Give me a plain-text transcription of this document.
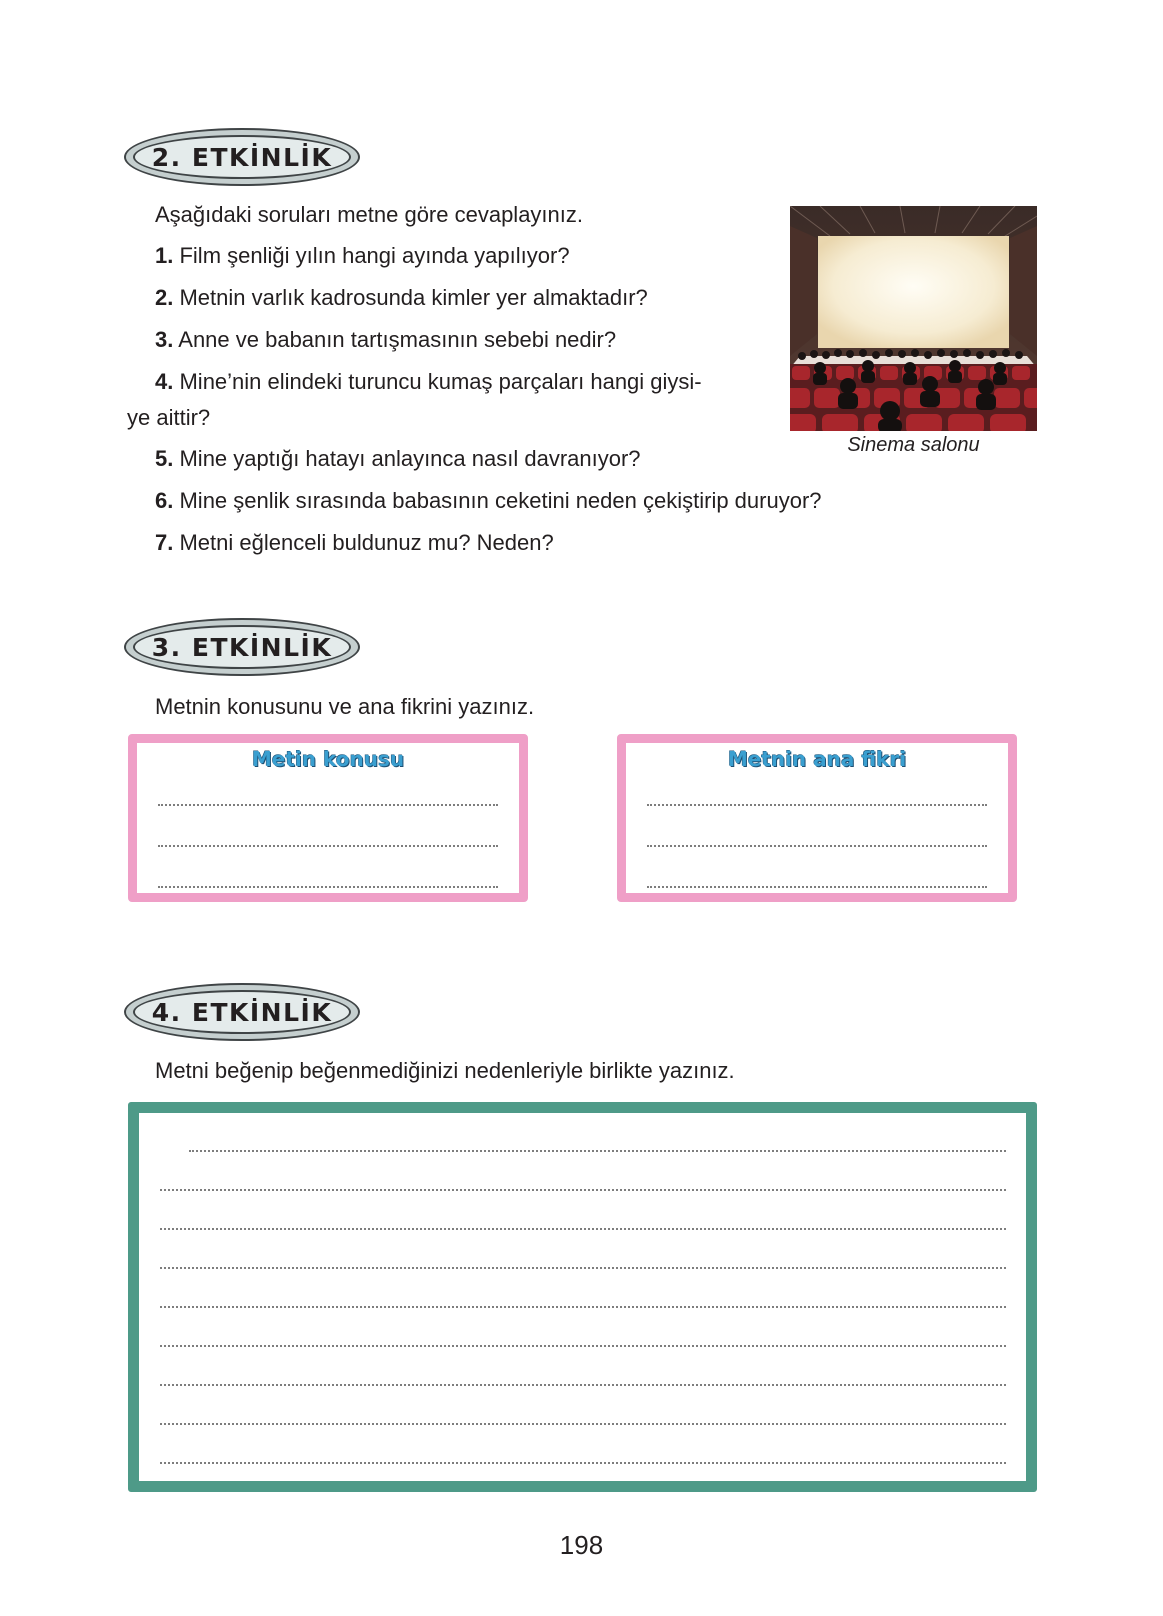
2. ETKİNLİK
Aşağıdaki soruları metne göre cevaplayınız.
1. Film şenliği yılın hangi ayında yapılıyor?
2. Metnin varlık kadrosunda kimler yer almaktadır?
3. Anne ve babanın tartışmasının sebebi nedir?
4. Mine’nin elindeki turuncu kumaş parçaları hangi giysi-
ye aittir?
5. Mine yaptığı hatayı anlayınca nasıl davranıyor?
6. Mine şenlik sırasında babasının ceketini neden çekiştirip duruyor?
7. Metni eğlenceli buldunuz mu? Neden?
Sinema salonu
3. ETKİNLİK
Metnin konusunu ve ana fikrini yazınız.
Metin konusu	Metnin ana fikri
4. ETKİNLİK
Metni beğenip beğenmediğinizi nedenleriyle birlikte yazınız.
198
